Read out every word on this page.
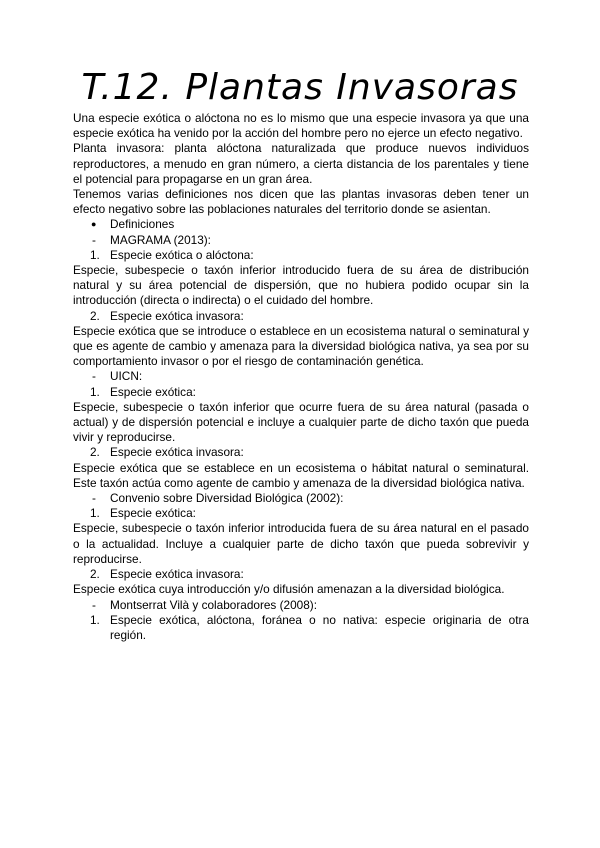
T.12. Plantas Invasoras

Una especie exótica o alóctona no es lo mismo que una especie invasora ya que una especie exótica ha venido por la acción del hombre pero no ejerce un efecto negativo.

Planta invasora: planta alóctona naturalizada que produce nuevos individuos reproductores, a menudo en gran número, a cierta distancia de los parentales y tiene el potencial para propagarse en un gran área.

Tenemos varias definiciones nos dicen que las plantas invasoras deben tener un efecto negativo sobre las poblaciones naturales del territorio donde se asientan.

●	Definiciones
-	MAGRAMA (2013):
1. Especie exótica o alóctona:

Especie, subespecie o taxón inferior introducido fuera de su área de distribución natural y su área potencial de dispersión, que no hubiera podido ocupar sin la introducción (directa o indirecta) o el cuidado del hombre.

2. Especie exótica invasora:

Especie exótica que se introduce o establece en un ecosistema natural o seminatural y que es agente de cambio y amenaza para la diversidad biológica nativa, ya sea por su comportamiento invasor o por el riesgo de contaminación genética.

-	UICN:
1. Especie exótica:

Especie, subespecie o taxón inferior que ocurre fuera de su área natural (pasada o actual) y de dispersión potencial e incluye a cualquier parte de dicho taxón que pueda vivir y reproducirse.

2. Especie exótica invasora:

Especie exótica que se establece en un ecosistema o hábitat natural o seminatural. Este taxón actúa como agente de cambio y amenaza de la diversidad biológica nativa.

-	Convenio sobre Diversidad Biológica (2002):
1. Especie exótica:

Especie, subespecie o taxón inferior introducida fuera de su área natural en el pasado o la actualidad. Incluye a cualquier parte de dicho taxón que pueda sobrevivir y reproducirse.

2. Especie exótica invasora:

Especie exótica cuya introducción y/o difusión amenazan a la diversidad biológica.

-	Montserrat Vilà y colaboradores (2008):
1. Especie exótica, alóctona, foránea o no nativa: especie originaria de otra región.
